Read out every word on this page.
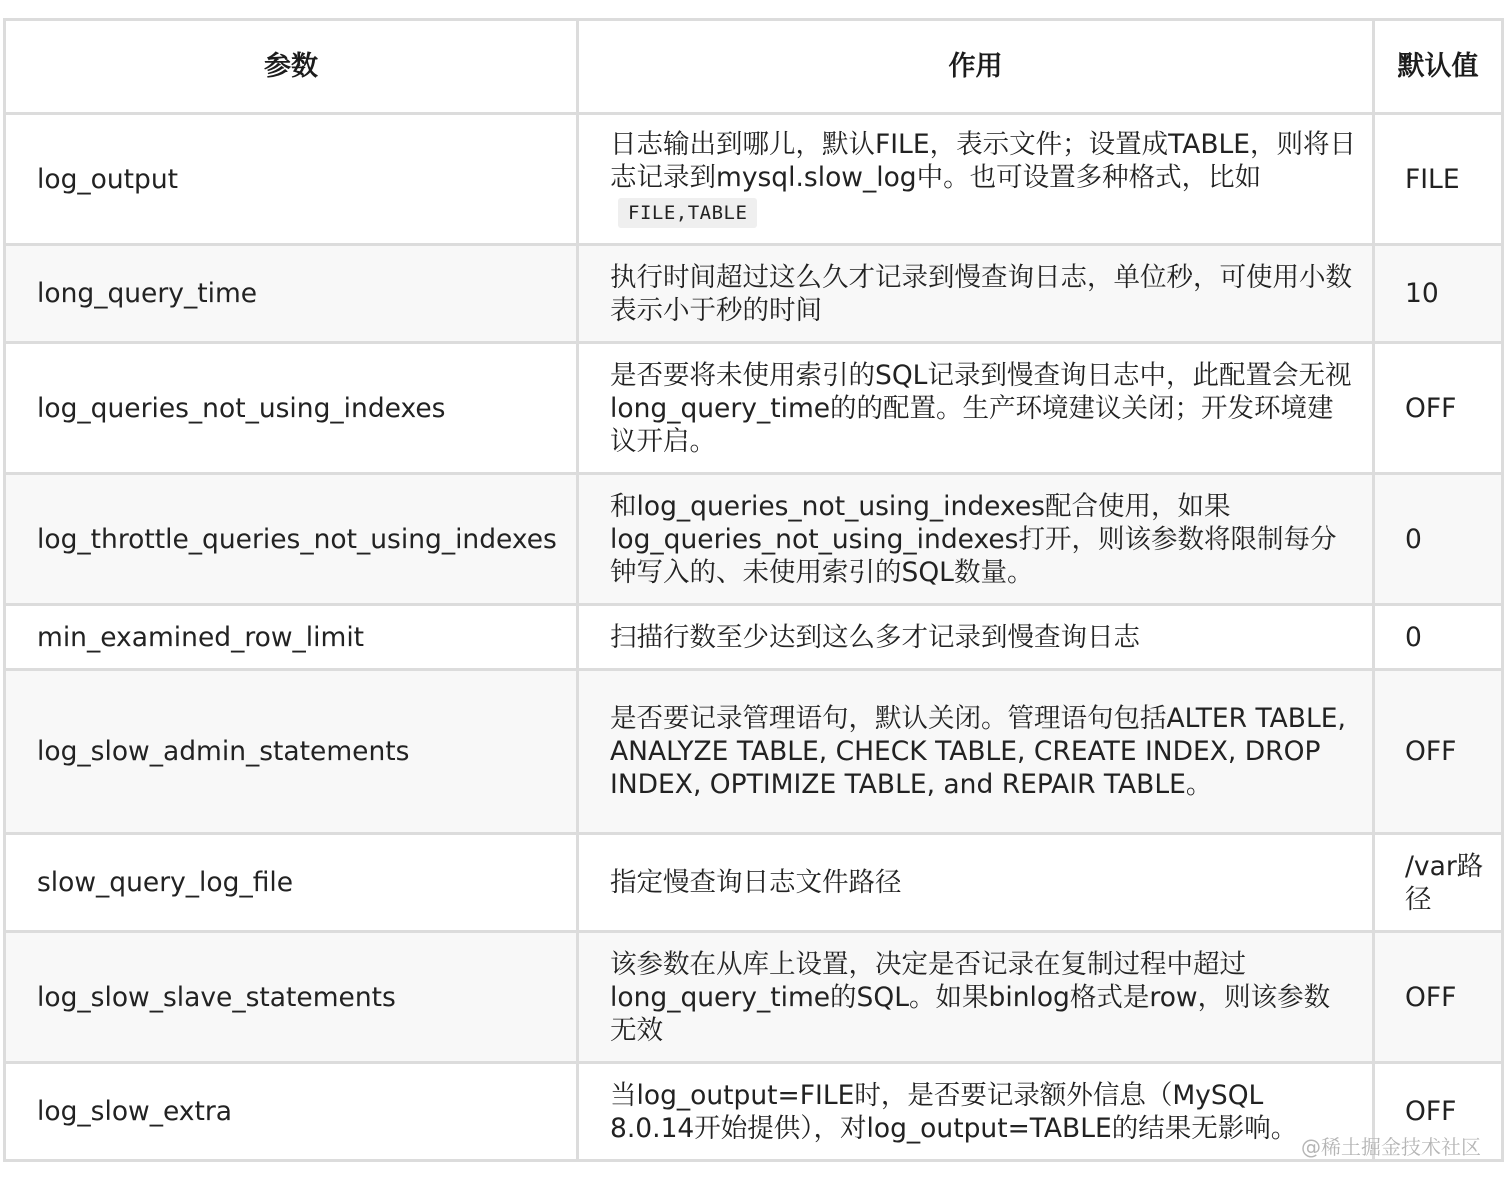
参数	作用	默认值
log_output	日志输出到哪儿，默认FILE，表示文件；设置成TABLE，则将日志记录到mysql.slow_log中。也可设置多种格式，比如FILE,TABLE	FILE
long_query_time	执行时间超过这么久才记录到慢查询日志，单位秒，可使用小数表示小于秒的时间	10
log_queries_not_using_indexes	是否要将未使用索引的SQL记录到慢查询日志中，此配置会无视long_query_time的的配置。生产环境建议关闭；开发环境建议开启。	OFF
log_throttle_queries_not_using_indexes	和log_queries_not_using_indexes配合使用，如果log_queries_not_using_indexes打开，则该参数将限制每分钟写入的、未使用索引的SQL数量。	0
min_examined_row_limit	扫描行数至少达到这么多才记录到慢查询日志	0
log_slow_admin_statements	是否要记录管理语句，默认关闭。管理语句包括ALTER TABLE, ANALYZE TABLE, CHECK TABLE, CREATE INDEX, DROP INDEX, OPTIMIZE TABLE, and REPAIR TABLE。	OFF
slow_query_log_file	指定慢查询日志文件路径	/var路径
log_slow_slave_statements	该参数在从库上设置，决定是否记录在复制过程中超过long_query_time的SQL。如果binlog格式是row，则该参数无效	OFF
log_slow_extra	当log_output=FILE时，是否要记录额外信息（MySQL 8.0.14开始提供），对log_output=TABLE的结果无影响。	OFF
@稀土掘金技术社区
